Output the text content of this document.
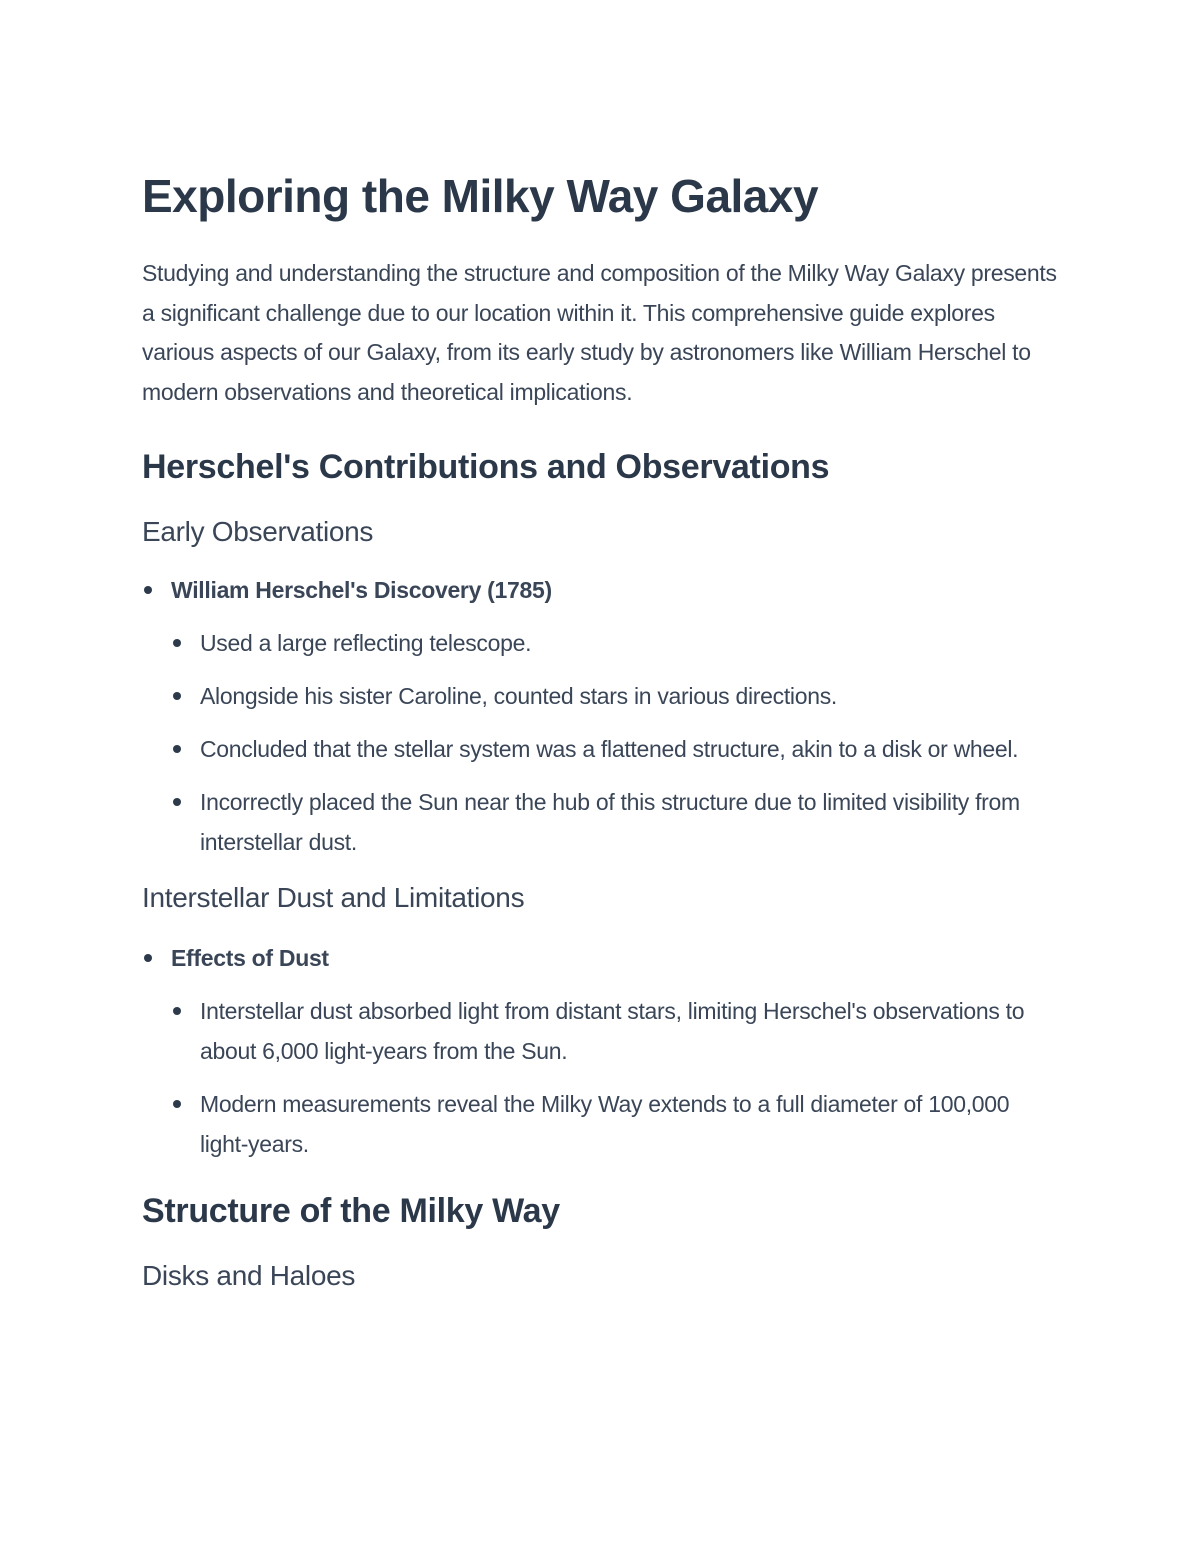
Exploring the Milky Way Galaxy

Studying and understanding the structure and composition of the Milky Way Galaxy presents a significant challenge due to our location within it. This comprehensive guide explores various aspects of our Galaxy, from its early study by astronomers like William Herschel to modern observations and theoretical implications.

Herschel's Contributions and Observations
Early Observations
William Herschel's Discovery (1785)
Used a large reflecting telescope.
Alongside his sister Caroline, counted stars in various directions.
Concluded that the stellar system was a flattened structure, akin to a disk or wheel.
Incorrectly placed the Sun near the hub of this structure due to limited visibility from interstellar dust.
Interstellar Dust and Limitations
Effects of Dust
Interstellar dust absorbed light from distant stars, limiting Herschel's observations to about 6,000 light-years from the Sun.
Modern measurements reveal the Milky Way extends to a full diameter of 100,000 light-years.
Structure of the Milky Way
Disks and Haloes
